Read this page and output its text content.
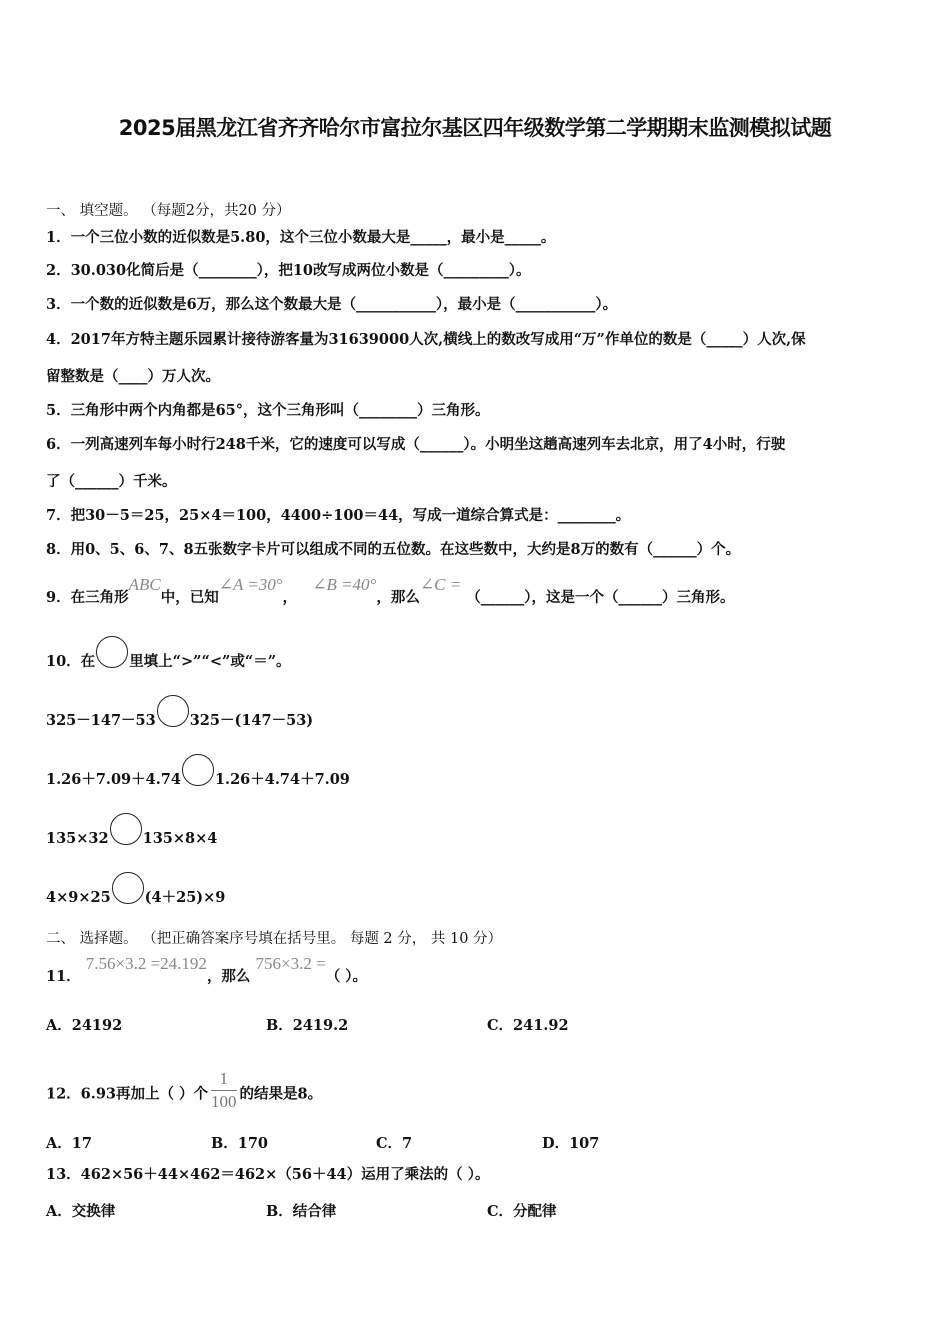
2025届黑龙江省齐齐哈尔市富拉尔基区四年级数学第二学期期末监测模拟试题
一、 填空题。 （每题2分，共20 分）
1．一个三位小数的近似数是5.80，这个三位小数最大是_____，最小是_____。
2．30.030化简后是（________），把10改写成两位小数是（_________）。
3．一个数的近似数是6万，那么这个数最大是（___________），最小是（___________）。
4．2017年方特主题乐园累计接待游客量为31639000人次,横线上的数改写成用“万”作单位的数是（_____）人次,保
留整数是（____）万人次。
5．三角形中两个内角都是65°，这个三角形叫（________）三角形。
6．一列高速列车每小时行248千米，它的速度可以写成（______）。小明坐这趟高速列车去北京，用了4小时，行驶
了（______）千米。
7．把30－5＝25，25×4＝100，4400÷100＝44，写成一道综合算式是：________。
8．用0、5、6、7、8五张数字卡片可以组成不同的五位数。在这些数中，大约是8万的数有（______）个。
9．在三角形ABC中，已知∠A =30°，   ∠B =40°，那么∠C = （______），这是一个（______）三角形。
10．在 里填上“>”“<”或“＝”。
325－147－53 325－(147－53)
1.26＋7.09＋4.74 1.26＋4.74＋7.09
135×32 135×8×4
4×9×25 (4＋25)×9
二、 选择题。 （把正确答案序号填在括号里。 每题 2 分， 共 10 分）
11． 7.56×3.2 =24.192，那么 756×3.2 =（ ）。
A．24192	B．2419.2	C．241.92
12．6.93再加上（ ）个 $\frac{1}{100}$ 的结果是8。
A．17	B．170	C．7	D．107
13．462×56＋44×462＝462×（56＋44）运用了乘法的（ ）。
A．交换律	B．结合律	C．分配律
